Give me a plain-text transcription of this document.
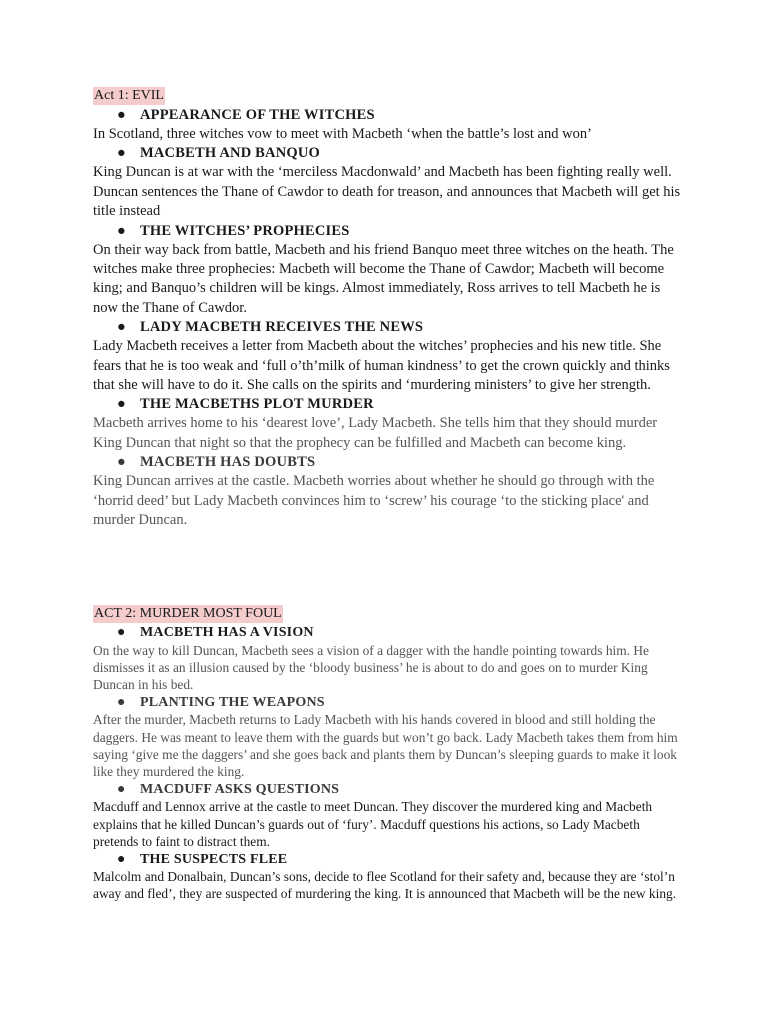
Act 1: EVIL
● APPEARANCE OF THE WITCHES

In Scotland, three witches vow to meet with Macbeth ‘when the battle’s lost and won’

● MACBETH AND BANQUO

King Duncan is at war with the ‘merciless Macdonwald’ and Macbeth has been fighting really well. Duncan sentences the Thane of Cawdor to death for treason, and announces that Macbeth will get his title instead

● THE WITCHES’ PROPHECIES

On their way back from battle, Macbeth and his friend Banquo meet three witches on the heath. The witches make three prophecies: Macbeth will become the Thane of Cawdor; Macbeth will become king; and Banquo’s children will be kings. Almost immediately, Ross arrives to tell Macbeth he is now the Thane of Cawdor.

● LADY MACBETH RECEIVES THE NEWS

Lady Macbeth receives a letter from Macbeth about the witches’ prophecies and his new title. She fears that he is too weak and ‘full o’th’milk of human kindness’ to get the crown quickly and thinks that she will have to do it. She calls on the spirits and ‘murdering ministers’ to give her strength.

● THE MACBETHS PLOT MURDER

Macbeth arrives home to his ‘dearest love’, Lady Macbeth. She tells him that they should murder King Duncan that night so that the prophecy can be fulfilled and Macbeth can become king.

● MACBETH HAS DOUBTS

King Duncan arrives at the castle. Macbeth worries about whether he should go through with the ‘horrid deed’ but Lady Macbeth convinces him to ‘screw’ his courage ‘to the sticking place' and murder Duncan.

ACT 2: MURDER MOST FOUL
● MACBETH HAS A VISION

On the way to kill Duncan, Macbeth sees a vision of a dagger with the handle pointing towards him. He dismisses it as an illusion caused by the ‘bloody business’ he is about to do and goes on to murder King Duncan in his bed.

● PLANTING THE WEAPONS

After the murder, Macbeth returns to Lady Macbeth with his hands covered in blood and still holding the daggers. He was meant to leave them with the guards but won’t go back. Lady Macbeth takes them from him saying ‘give me the daggers’ and she goes back and plants them by Duncan’s sleeping guards to make it look like they murdered the king.

● MACDUFF ASKS QUESTIONS

Macduff and Lennox arrive at the castle to meet Duncan. They discover the murdered king and Macbeth explains that he killed Duncan’s guards out of ‘fury’. Macduff questions his actions, so Lady Macbeth pretends to faint to distract them.

● THE SUSPECTS FLEE

Malcolm and Donalbain, Duncan’s sons, decide to flee Scotland for their safety and, because they are ‘stol’n away and fled’, they are suspected of murdering the king. It is announced that Macbeth will be the new king.
